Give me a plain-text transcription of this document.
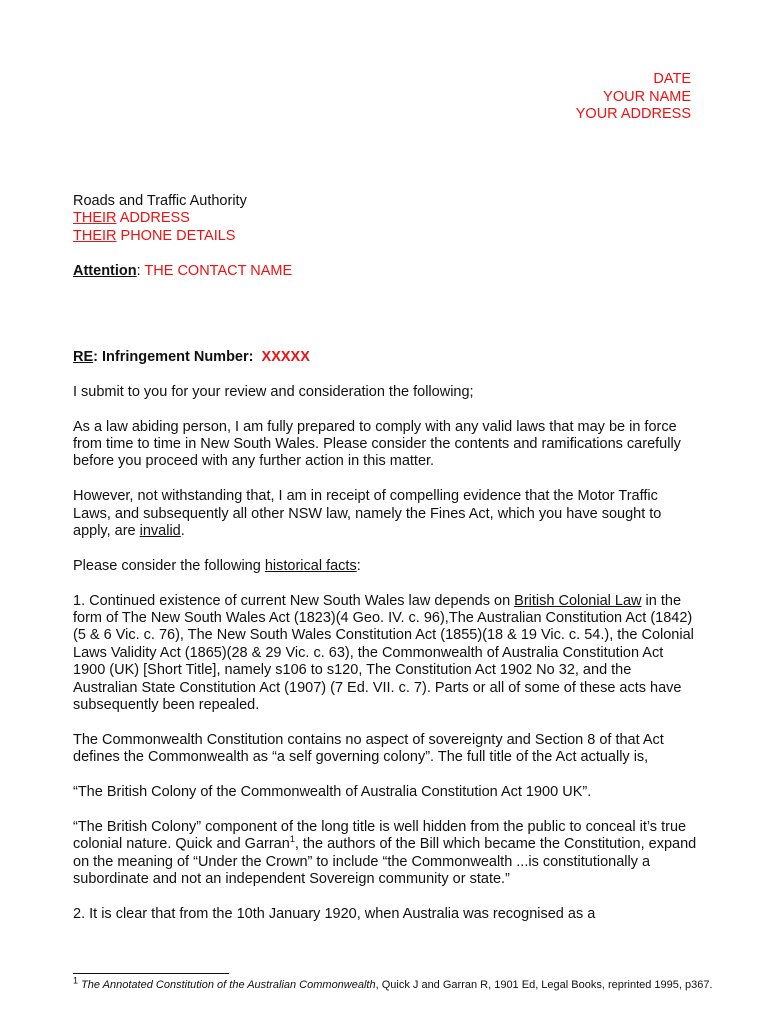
DATE
YOUR NAME
YOUR ADDRESS

Roads and Traffic Authority

THEIR ADDRESS

THEIR PHONE DETAILS

Attention: THE CONTACT NAME

RE: Infringement Number:  XXXXX

I submit to you for your review and consideration the following;

As a law abiding person, I am fully prepared to comply with any valid laws that may be in force from time to time in New South Wales. Please consider the contents and ramifications carefully before you proceed with any further action in this matter.

However, not withstanding that, I am in receipt of compelling evidence that the Motor Traffic Laws, and subsequently all other NSW law, namely the Fines Act, which you have sought to apply, are invalid.

Please consider the following historical facts:

1. Continued existence of current New South Wales law depends on British Colonial Law in the form of The New South Wales Act (1823)(4 Geo. IV. c. 96),The Australian Constitution Act (1842)(5 & 6 Vic. c. 76), The New South Wales Constitution Act (1855)(18 & 19 Vic. c. 54.), the Colonial Laws Validity Act (1865)(28 & 29 Vic. c. 63), the Commonwealth of Australia Constitution Act 1900 (UK) [Short Title], namely s106 to s120, The Constitution Act 1902 No 32, and the Australian State Constitution Act (1907) (7 Ed. VII. c. 7). Parts or all of some of these acts have subsequently been repealed.

The Commonwealth Constitution contains no aspect of sovereignty and Section 8 of that Act defines the Commonwealth as “a self governing colony”. The full title of the Act actually is,

“The British Colony of the Commonwealth of Australia Constitution Act 1900 UK”.

“The British Colony” component of the long title is well hidden from the public to conceal it’s true colonial nature. Quick and Garran$^1$, the authors of the Bill which became the Constitution, expand on the meaning of “Under the Crown” to include “the Commonwealth ...is constitutionally a subordinate and not an independent Sovereign community or state.”

2. It is clear that from the 10th January 1920, when Australia was recognised as a

$^1$ The Annotated Constitution of the Australian Commonwealth, Quick J and Garran R, 1901 Ed, Legal Books, reprinted 1995, p367.
